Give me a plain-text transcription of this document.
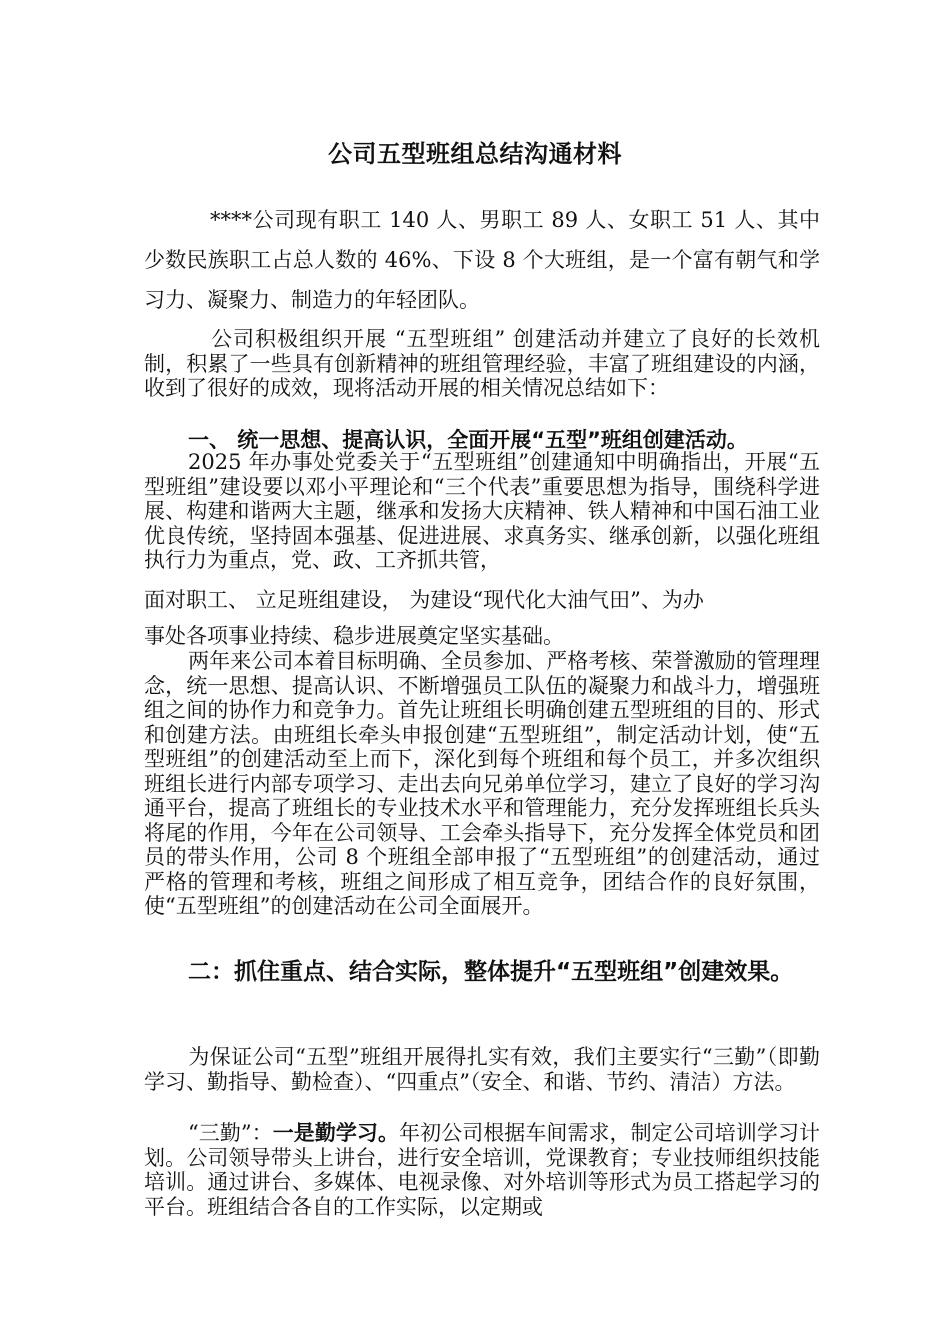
公司五型班组总结沟通材料

****公司现有职工 140 人、男职工 89 人、女职工 51 人、其中少数民族职工占总人数的 46%、下设 8 个大班组，是一个富有朝气和学习力、凝聚力、制造力的年轻团队。

公司积极组织开展 “五型班组” 创建活动并建立了良好的长效机制，积累了一些具有创新精神的班组管理经验，丰富了班组建设的内涵，收到了很好的成效，现将活动开展的相关情况总结如下：

一、 统一思想、提高认识，全面开展“五型”班组创建活动。

2025 年办事处党委关于“五型班组”创建通知中明确指出，开展“五型班组”建设要以邓小平理论和“三个代表”重要思想为指导，围绕科学进展、构建和谐两大主题，继承和发扬大庆精神、铁人精神和中国石油工业优良传统，坚持固本强基、促进进展、求真务实、继承创新，以强化班组执行力为重点，党、政、工齐抓共管，

面对职工、 立足班组建设， 为建设“现代化大油气田”、为办

事处各项事业持续、稳步进展奠定坚实基础。

两年来公司本着目标明确、全员参加、严格考核、荣誉激励的管理理念，统一思想、提高认识、不断增强员工队伍的凝聚力和战斗力，增强班组之间的协作力和竞争力。首先让班组长明确创建五型班组的目的、形式和创建方法。由班组长牵头申报创建“五型班组”，制定活动计划，使“五型班组”的创建活动至上而下，深化到每个班组和每个员工，并多次组织班组长进行内部专项学习、走出去向兄弟单位学习，建立了良好的学习沟通平台，提高了班组长的专业技术水平和管理能力，充分发挥班组长兵头将尾的作用，今年在公司领导、工会牵头指导下，充分发挥全体党员和团员的带头作用，公司 8 个班组全部申报了“五型班组”的创建活动，通过严格的管理和考核，班组之间形成了相互竞争，团结合作的良好氛围，使“五型班组”的创建活动在公司全面展开。

二：抓住重点、结合实际，整体提升“五型班组”创建效果。

为保证公司“五型”班组开展得扎实有效，我们主要实行“三勤”（即勤学习、勤指导、勤检查）、“四重点”（安全、和谐、节约、清洁）方法。

“三勤”：一是勤学习。年初公司根据车间需求，制定公司培训学习计划。公司领导带头上讲台，进行安全培训，党课教育；专业技师组织技能培训。通过讲台、多媒体、电视录像、对外培训等形式为员工搭起学习的平台。班组结合各自的工作实际，以定期或
